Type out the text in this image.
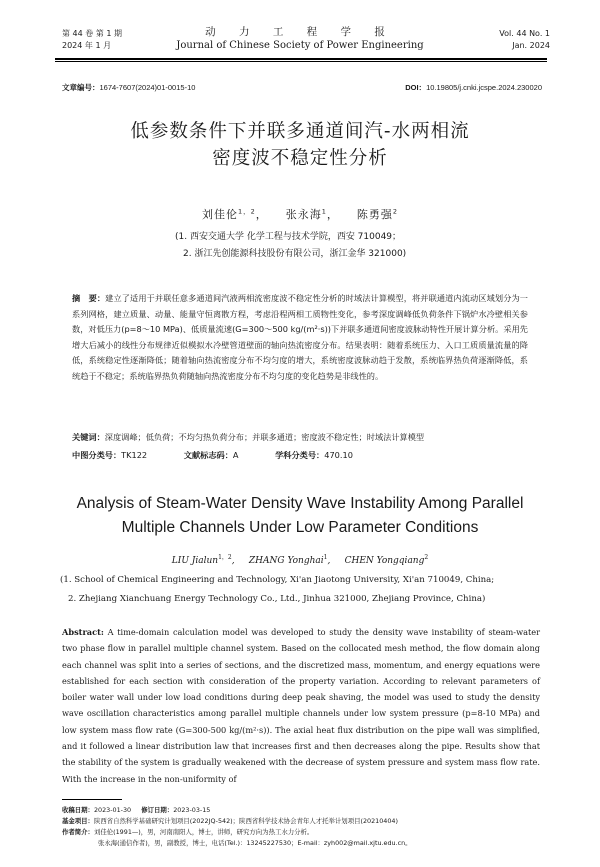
第 44 卷 第 1 期
2024 年 1 月
动 力 工 程 学 报
Journal of Chinese Society of Power Engineering
Vol. 44 No. 1
Jan. 2024
文章编号：1674-7607(2024)01-0015-10	DOI：10.19805/j.cnki.jcspe.2024.230020
低参数条件下并联多通道间汽-水两相流
密度波不稳定性分析
刘佳伦$^{1,2}$，    张永海$^1$，    陈勇强$^2$
(1. 西安交通大学 化学工程与技术学院，西安 710049；
2. 浙江先创能源科技股份有限公司，浙江金华 321000)
摘　要：建立了适用于并联任意多通道间汽液两相流密度波不稳定性分析的时域法计算模型，将并联通道内流动区域划分为一系列网格，建立质量、动量、能量守恒离散方程，考虑沿程两相工质物性变化，参考深度调峰低负荷条件下锅炉水冷壁相关参数，对低压力(p=8～10 MPa)、低质量流速(G=300～500 kg/(m²·s))下并联多通道间密度波脉动特性开展计算分析。采用先增大后减小的线性分布规律近似模拟水冷壁管道壁面的轴向热流密度分布。结果表明：随着系统压力、入口工质质量流量的降低，系统稳定性逐渐降低；随着轴向热流密度分布不均匀度的增大，系统密度波脉动趋于发散，系统临界热负荷逐渐降低，系统趋于不稳定；系统临界热负荷随轴向热流密度分布不均匀度的变化趋势是非线性的。
关键词：深度调峰；低负荷；不均匀热负荷分布；并联多通道；密度波不稳定性；时域法计算模型
中图分类号：TK122	文献标志码：A	学科分类号：470.10
Analysis of Steam-Water Density Wave Instability Among Parallel
Multiple Channels Under Low Parameter Conditions
LIU Jialun$^{1,2}$,     ZHANG Yonghai$^1$,     CHEN Yongqiang$^2$
(1. School of Chemical Engineering and Technology, Xi'an Jiaotong University, Xi'an 710049, China;
2. Zhejiang Xianchuang Energy Technology Co., Ltd., Jinhua 321000, Zhejiang Province, China)
Abstract: A time-domain calculation model was developed to study the density wave instability of steam-water two phase flow in parallel multiple channel system. Based on the collocated mesh method, the flow domain along each channel was split into a series of sections, and the discretized mass, momentum, and energy equations were established for each section with consideration of the property variation. According to relevant parameters of boiler water wall under low load conditions during deep peak shaving, the model was used to study the density wave oscillation characteristics among parallel multiple channels under low system pressure (p=8-10 MPa) and low system mass flow rate (G=300-500 kg/(m²·s)). The axial heat flux distribution on the pipe wall was simplified, and it followed a linear distribution law that increases first and then decreases along the pipe. Results show that the stability of the system is gradually weakened with the decrease of system pressure and system mass flow rate. With the increase in the non-uniformity of
收稿日期：2023-01-30 修订日期：2023-03-15
基金项目：陕西省自然科学基础研究计划项目(2022JQ-542)；陕西省科学技术协会青年人才托举计划项目(20210404)
作者简介：刘佳伦(1991—)，男，河南南阳人，博士，讲师，研究方向为热工水力分析。
张永海(通信作者)，男，副教授，博士，电话(Tel.)：13245227530；E-mail：zyh002@mail.xjtu.edu.cn。
